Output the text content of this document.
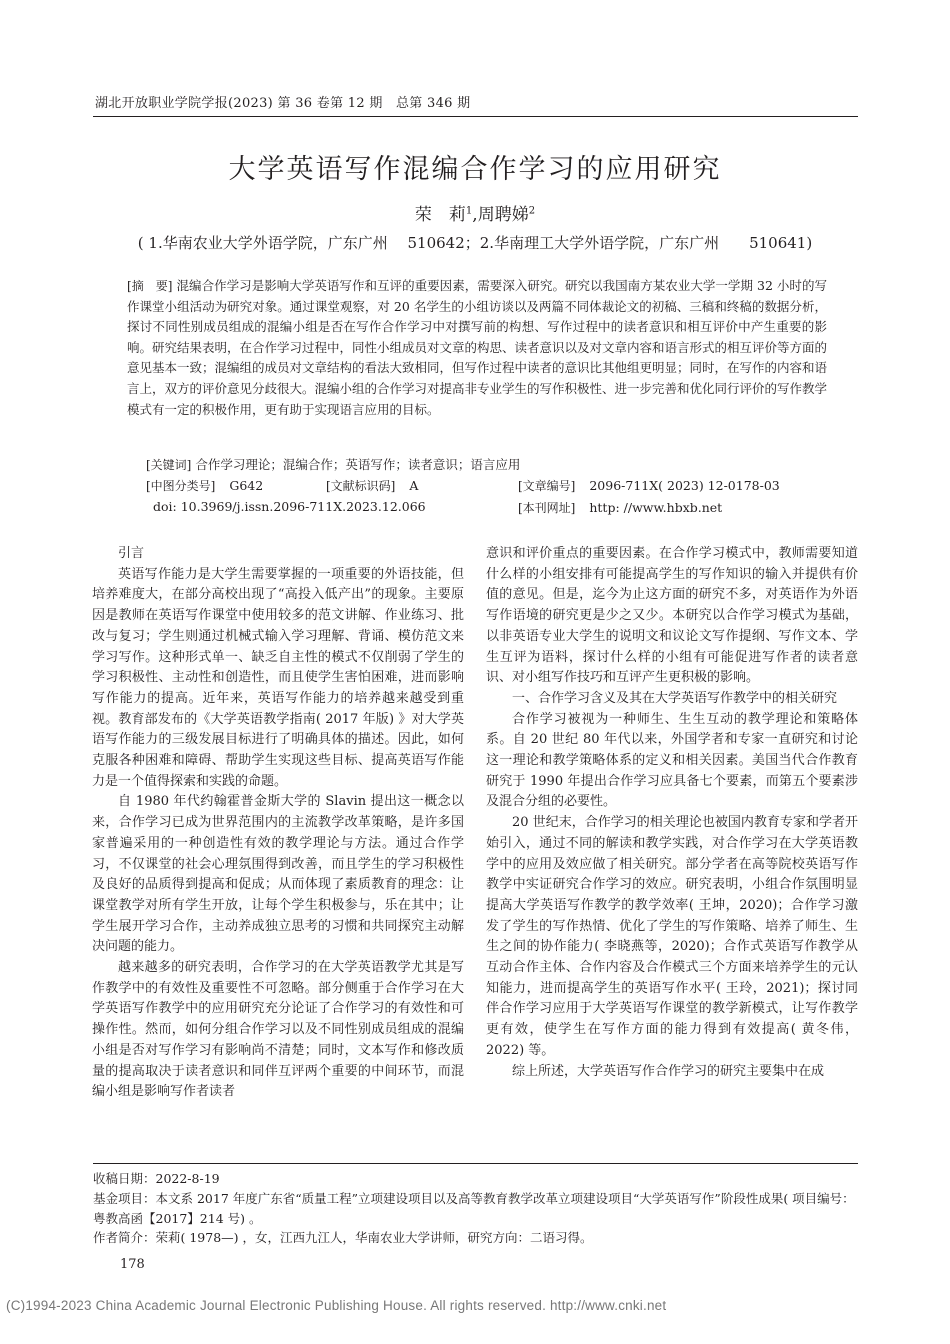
湖北开放职业学院学报(2023) 第 36 卷第 12 期　总第 346 期
大学英语写作混编合作学习的应用研究
荣　莉$^1$,周聘娣$^2$
( 1.华南农业大学外语学院，广东广州　 510642；2.华南理工大学外语学院，广东广州　　510641)
[摘　要] 混编合作学习是影响大学英语写作和互评的重要因素，需要深入研究。研究以我国南方某农业大学一学期 32 小时的写作课堂小组活动为研究对象。通过课堂观察，对 20 名学生的小组访谈以及两篇不同体裁论文的初稿、三稿和终稿的数据分析，探讨不同性别成员组成的混编小组是否在写作合作学习中对撰写前的构想、写作过程中的读者意识和相互评价中产生重要的影响。研究结果表明，在合作学习过程中，同性小组成员对文章的构思、读者意识以及对文章内容和语言形式的相互评价等方面的意见基本一致；混编组的成员对文章结构的看法大致相同，但写作过程中读者的意识比其他组更明显；同时，在写作的内容和语言上，双方的评价意见分歧很大。混编小组的合作学习对提高非专业学生的写作积极性、进一步完善和优化同行评价的写作教学模式有一定的积极作用，更有助于实现语言应用的目标。
[关键词] 合作学习理论；混编合作；英语写作；读者意识；语言应用
[中图分类号] G642	[文献标识码] A	[文章编号] 2096-711X( 2023) 12-0178-03
doi: 10.3969/j.issn.2096-711X.2023.12.066	[本刊网址] http: //www.hbxb.net

引言

英语写作能力是大学生需要掌握的一项重要的外语技能，但培养难度大，在部分高校出现了“高投入低产出”的现象。主要原因是教师在英语写作课堂中使用较多的范文讲解、作业练习、批改与复习；学生则通过机械式输入学习理解、背诵、模仿范文来学习写作。这种形式单一、缺乏自主性的模式不仅削弱了学生的学习积极性、主动性和创造性，而且使学生害怕困难，进而影响写作能力的提高。近年来，英语写作能力的培养越来越受到重视。教育部发布的《大学英语教学指南( 2017 年版) 》对大学英语写作能力的三级发展目标进行了明确具体的描述。因此，如何克服各种困难和障碍、帮助学生实现这些目标、提高英语写作能力是一个值得探索和实践的命题。

自 1980 年代约翰霍普金斯大学的 Slavin 提出这一概念以来，合作学习已成为世界范围内的主流教学改革策略，是许多国家普遍采用的一种创造性有效的教学理论与方法。通过合作学习，不仅课堂的社会心理氛围得到改善，而且学生的学习积极性及良好的品质得到提高和促成；从而体现了素质教育的理念：让课堂教学对所有学生开放，让每个学生积极参与，乐在其中；让学生展开学习合作，主动养成独立思考的习惯和共同探究主动解决问题的能力。

越来越多的研究表明，合作学习的在大学英语教学尤其是写作教学中的有效性及重要性不可忽略。部分侧重于合作学习在大学英语写作教学中的应用研究充分论证了合作学习的有效性和可操作性。然而，如何分组合作学习以及不同性别成员组成的混编小组是否对写作学习有影响尚不清楚；同时，文本写作和修改质量的提高取决于读者意识和同伴互评两个重要的中间环节，而混编小组是影响写作者读者

意识和评价重点的重要因素。在合作学习模式中，教师需要知道什么样的小组安排有可能提高学生的写作知识的输入并提供有价值的意见。但是，迄今为止这方面的研究不多，对英语作为外语写作语境的研究更是少之又少。本研究以合作学习模式为基础，以非英语专业大学生的说明文和议论文写作提纲、写作文本、学生互评为语料，探讨什么样的小组有可能促进写作者的读者意识、对小组写作技巧和互评产生更积极的影响。

一、合作学习含义及其在大学英语写作教学中的相关研究

合作学习被视为一种师生、生生互动的教学理论和策略体系。自 20 世纪 80 年代以来，外国学者和专家一直研究和讨论这一理论和教学策略体系的定义和相关因素。美国当代合作教育研究于 1990 年提出合作学习应具备七个要素，而第五个要素涉及混合分组的必要性。

20 世纪末，合作学习的相关理论也被国内教育专家和学者开始引入，通过不同的解读和教学实践，对合作学习在大学英语教学中的应用及效应做了相关研究。部分学者在高等院校英语写作教学中实证研究合作学习的效应。研究表明，小组合作氛围明显提高大学英语写作教学的教学效率( 王坤，2020)；合作学习激发了学生的写作热情、优化了学生的写作策略、培养了师生、生生之间的协作能力( 李晓燕等，2020)；合作式英语写作教学从互动合作主体、合作内容及合作模式三个方面来培养学生的元认知能力，进而提高学生的英语写作水平( 王玲，2021)；探讨同伴合作学习应用于大学英语写作课堂的教学新模式，让写作教学更有效，使学生在写作方面的能力得到有效提高( 黄冬伟，2022) 等。

综上所述，大学英语写作合作学习的研究主要集中在成

收稿日期：2022-8-19
基金项目：本文系 2017 年度广东省“质量工程”立项建设项目以及高等教育教学改革立项建设项目“大学英语写作”阶段性成果( 项目编号：粤教高函【2017】214 号) 。
作者简介：荣莉( 1978—) ，女，江西九江人，华南农业大学讲师，研究方向：二语习得。
178
(C)1994-2023 China Academic Journal Electronic Publishing House. All rights reserved. http://www.cnki.net
